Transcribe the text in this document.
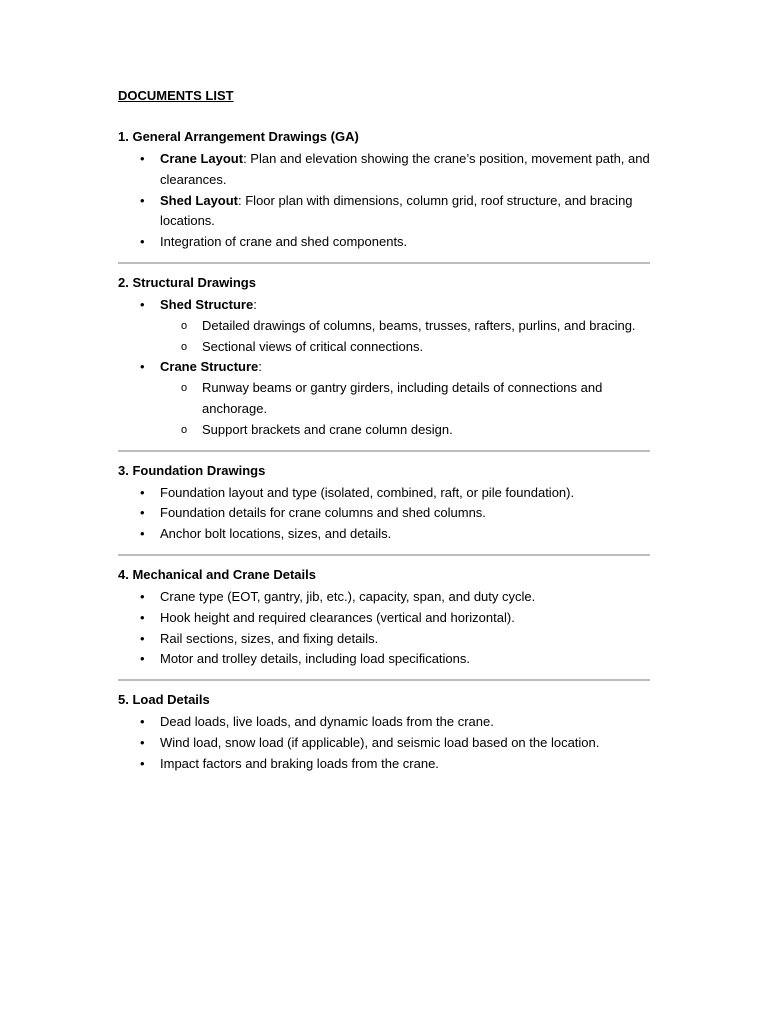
DOCUMENTS LIST
1. General Arrangement Drawings (GA)
• Crane Layout: Plan and elevation showing the crane’s position, movement path, and clearances.
• Shed Layout: Floor plan with dimensions, column grid, roof structure, and bracing locations.
• Integration of crane and shed components.
2. Structural Drawings
• Shed Structure:
o Detailed drawings of columns, beams, trusses, rafters, purlins, and bracing.
o Sectional views of critical connections.
• Crane Structure:
o Runway beams or gantry girders, including details of connections and anchorage.
o Support brackets and crane column design.
3. Foundation Drawings
• Foundation layout and type (isolated, combined, raft, or pile foundation).
• Foundation details for crane columns and shed columns.
• Anchor bolt locations, sizes, and details.
4. Mechanical and Crane Details
• Crane type (EOT, gantry, jib, etc.), capacity, span, and duty cycle.
• Hook height and required clearances (vertical and horizontal).
• Rail sections, sizes, and fixing details.
• Motor and trolley details, including load specifications.
5. Load Details
• Dead loads, live loads, and dynamic loads from the crane.
• Wind load, snow load (if applicable), and seismic load based on the location.
• Impact factors and braking loads from the crane.
